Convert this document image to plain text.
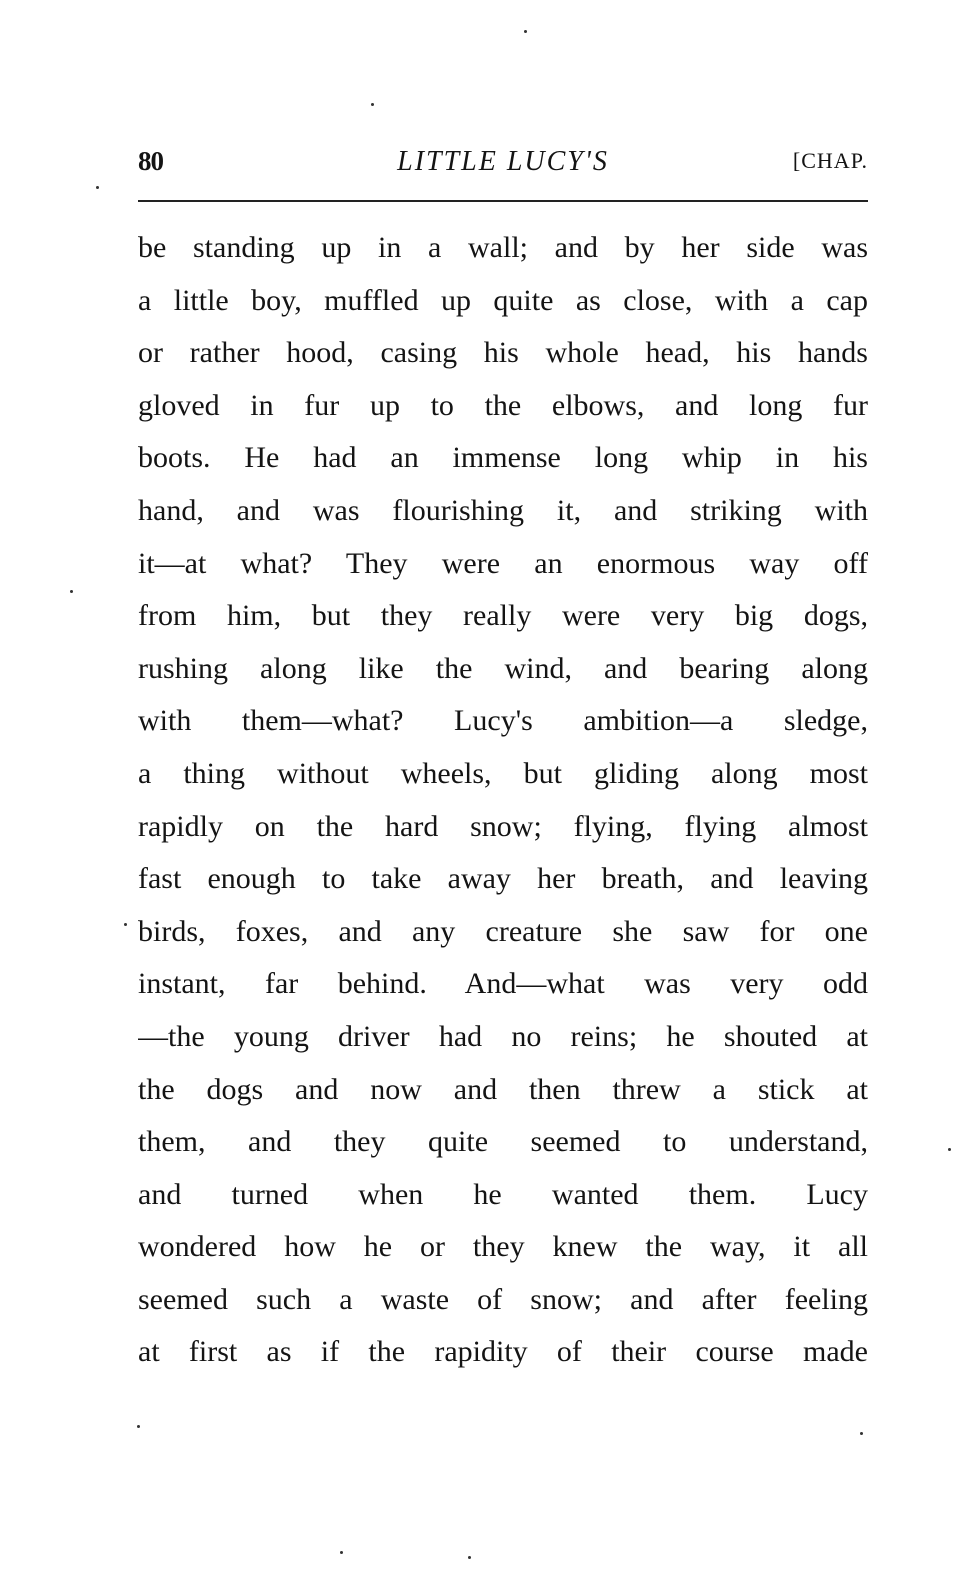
80	LITTLE LUCY'S	[CHAP.
be standing up in a wall; and by her side was
a little boy, muffled up quite as close, with a cap
or rather hood, casing his whole head, his hands
gloved in fur up to the elbows, and long fur
boots. He had an immense long whip in his
hand, and was flourishing it, and striking with
it—at what? They were an enormous way off
from him, but they really were very big dogs,
rushing along like the wind, and bearing along
with them—what? Lucy's ambition—a sledge,
a thing without wheels, but gliding along most
rapidly on the hard snow; flying, flying almost
fast enough to take away her breath, and leaving
birds, foxes, and any creature she saw for one
instant, far behind. And—what was very odd
—the young driver had no reins; he shouted at
the dogs and now and then threw a stick at
them, and they quite seemed to understand,
and turned when he wanted them. Lucy
wondered how he or they knew the way, it all
seemed such a waste of snow; and after feeling
at first as if the rapidity of their course made
